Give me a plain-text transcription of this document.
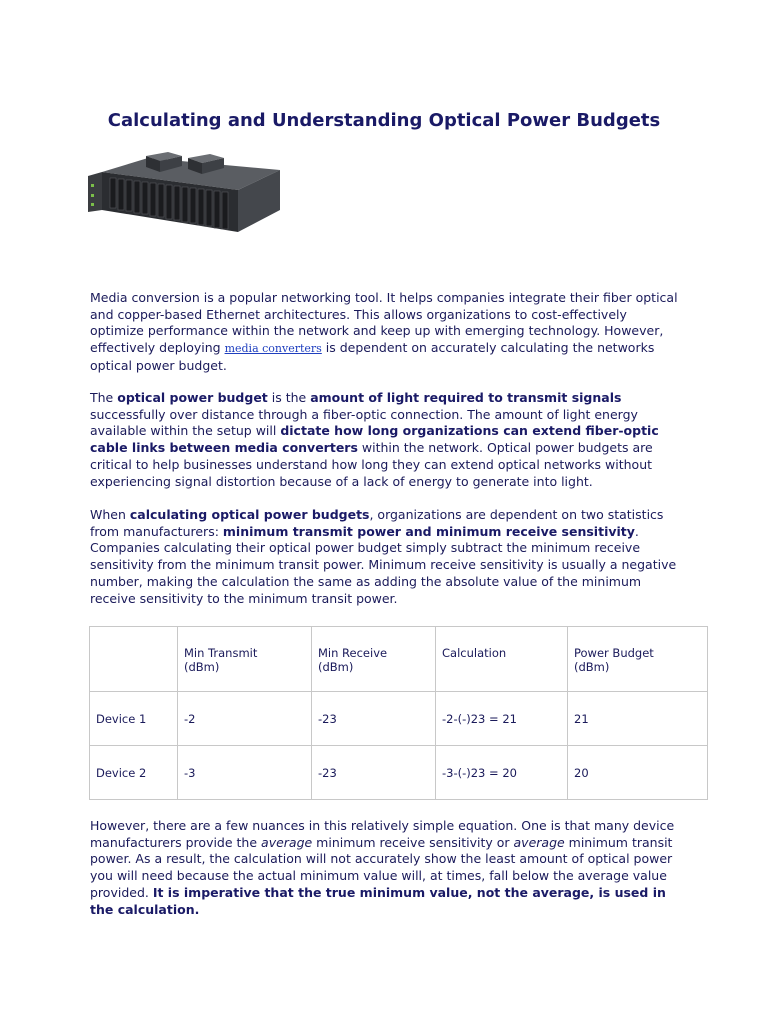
Calculating and Understanding Optical Power Budgets

Media conversion is a popular networking tool. It helps companies integrate their fiber optical and copper-based Ethernet architectures. This allows organizations to cost-effectively optimize performance within the network and keep up with emerging technology. However, effectively deploying media converters is dependent on accurately calculating the networks optical power budget.

The optical power budget is the amount of light required to transmit signals successfully over distance through a fiber-optic connection. The amount of light energy available within the setup will dictate how long organizations can extend fiber-optic cable links between media converters within the network. Optical power budgets are critical to help businesses understand how long they can extend optical networks without experiencing signal distortion because of a lack of energy to generate into light.

When calculating optical power budgets, organizations are dependent on two statistics from manufacturers: minimum transmit power and minimum receive sensitivity. Companies calculating their optical power budget simply subtract the minimum receive sensitivity from the minimum transit power. Minimum receive sensitivity is usually a negative number, making the calculation the same as adding the absolute value of the minimum receive sensitivity to the minimum transit power.

	Min Transmit (dBm)	Min Receive (dBm)	Calculation	Power Budget (dBm)
Device 1	-2	-23	-2-(-)23 = 21	21
Device 2	-3	-23	-3-(-)23 = 20	20

However, there are a few nuances in this relatively simple equation. One is that many device manufacturers provide the average minimum receive sensitivity or average minimum transit power. As a result, the calculation will not accurately show the least amount of optical power you will need because the actual minimum value will, at times, fall below the average value provided. It is imperative that the true minimum value, not the average, is used in the calculation.
